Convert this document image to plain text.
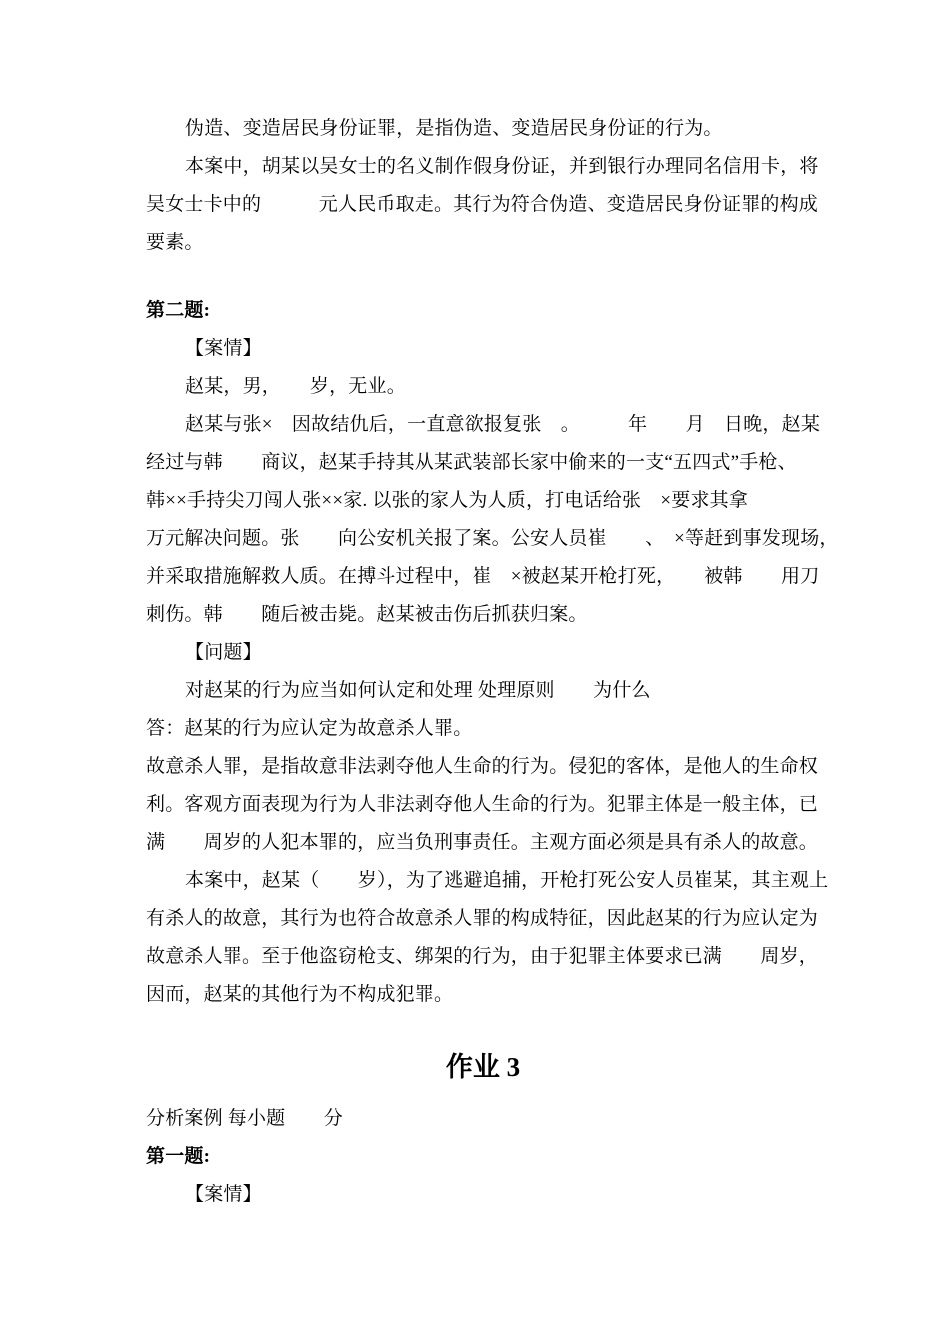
伪造、变造居民身份证罪，是指伪造、变造居民身份证的行为。

本案中，胡某以吴女士的名义制作假身份证，并到银行办理同名信用卡，将

吴女士卡中的　　　元人民币取走。其行为符合伪造、变造居民身份证罪的构成

要素。

第二题:

【案情】

赵某，男，　　岁，无业。

赵某与张×　因故结仇后，一直意欲报复张　。　　　年　　月　日晚，赵某

经过与韩　　商议，赵某手持其从某武装部长家中偷来的一支“五四式”手枪、

韩××手持尖刀闯人张××家. 以张的家人为人质，打电话给张　×要求其拿

万元解决问题。张　　向公安机关报了案。公安人员崔　　、　×等赶到事发现场，

并采取措施解救人质。在搏斗过程中，崔　×被赵某开枪打死，　　被韩　　用刀

刺伤。韩　　随后被击毙。赵某被击伤后抓获归案。

【问题】

对赵某的行为应当如何认定和处理 处理原则　　为什么

答：赵某的行为应认定为故意杀人罪。

故意杀人罪，是指故意非法剥夺他人生命的行为。侵犯的客体，是他人的生命权

利。客观方面表现为行为人非法剥夺他人生命的行为。犯罪主体是一般主体，已

满　　周岁的人犯本罪的，应当负刑事责任。主观方面必须是具有杀人的故意。

本案中，赵某（　　岁），为了逃避追捕，开枪打死公安人员崔某，其主观上

有杀人的故意，其行为也符合故意杀人罪的构成特征，因此赵某的行为应认定为

故意杀人罪。至于他盗窃枪支、绑架的行为，由于犯罪主体要求已满　　周岁，

因而，赵某的其他行为不构成犯罪。

作业 3

分析案例 每小题　　分

第一题:

【案情】
